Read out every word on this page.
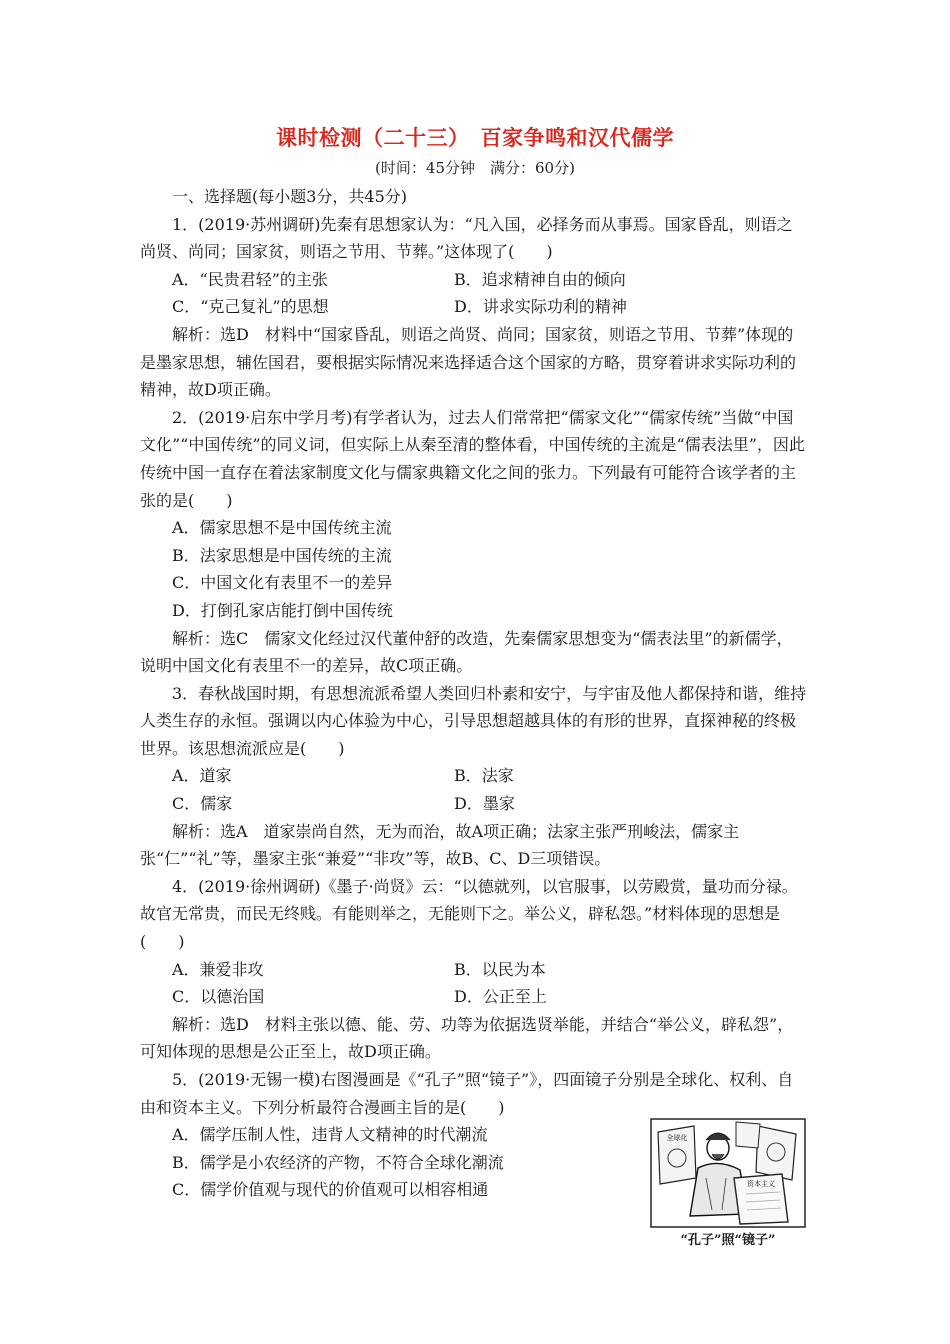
课时检测（二十三）　百家争鸣和汉代儒学
(时间：45分钟　满分：60分)
一、选择题(每小题3分，共45分)
1．(2019·苏州调研)先秦有思想家认为：“凡入国，必择务而从事焉。国家昏乱，则语之尚贤、尚同；国家贫，则语之节用、节葬。”这体现了(　　)
A．“民贵君轻”的主张	B．追求精神自由的倾向
C．“克己复礼”的思想	D．讲求实际功利的精神
解析：选D　材料中“国家昏乱，则语之尚贤、尚同；国家贫，则语之节用、节葬”体现的是墨家思想，辅佐国君，要根据实际情况来选择适合这个国家的方略，贯穿着讲求实际功利的精神，故D项正确。
2．(2019·启东中学月考)有学者认为，过去人们常常把“儒家文化”“儒家传统”当做“中国文化”“中国传统”的同义词，但实际上从秦至清的整体看，中国传统的主流是“儒表法里”，因此传统中国一直存在着法家制度文化与儒家典籍文化之间的张力。下列最有可能符合该学者的主张的是(　　)
A．儒家思想不是中国传统主流
B．法家思想是中国传统的主流
C．中国文化有表里不一的差异
D．打倒孔家店能打倒中国传统
解析：选C　儒家文化经过汉代董仲舒的改造，先秦儒家思想变为“儒表法里”的新儒学，说明中国文化有表里不一的差异，故C项正确。
3．春秋战国时期，有思想流派希望人类回归朴素和安宁，与宇宙及他人都保持和谐，维持人类生存的永恒。强调以内心体验为中心，引导思想超越具体的有形的世界，直探神秘的终极世界。该思想流派应是(　　)
A．道家	B．法家
C．儒家	D．墨家
解析：选A　道家崇尚自然，无为而治，故A项正确；法家主张严刑峻法，儒家主张“仁”“礼”等，墨家主张“兼爱”“非攻”等，故B、C、D三项错误。
4．(2019·徐州调研)《墨子·尚贤》云：“以德就列，以官服事，以劳殿赏，量功而分禄。故官无常贵，而民无终贱。有能则举之，无能则下之。举公义，辟私怨。”材料体现的思想是(　　)
A．兼爱非攻	B．以民为本
C．以德治国	D．公正至上
解析：选D　材料主张以德、能、劳、功等为依据选贤举能，并结合“举公义，辟私怨”，可知体现的思想是公正至上，故D项正确。
5．(2019·无锡一模)右图漫画是《“孔子”照“镜子”》，四面镜子分别是全球化、权利、自由和资本主义。下列分析最符合漫画主旨的是(　　)
A．儒学压制人性，违背人文精神的时代潮流
B．儒学是小农经济的产物，不符合全球化潮流
C．儒学价值观与现代的价值观可以相容相通
全球化
资本主义
“孔子”照“镜子”
